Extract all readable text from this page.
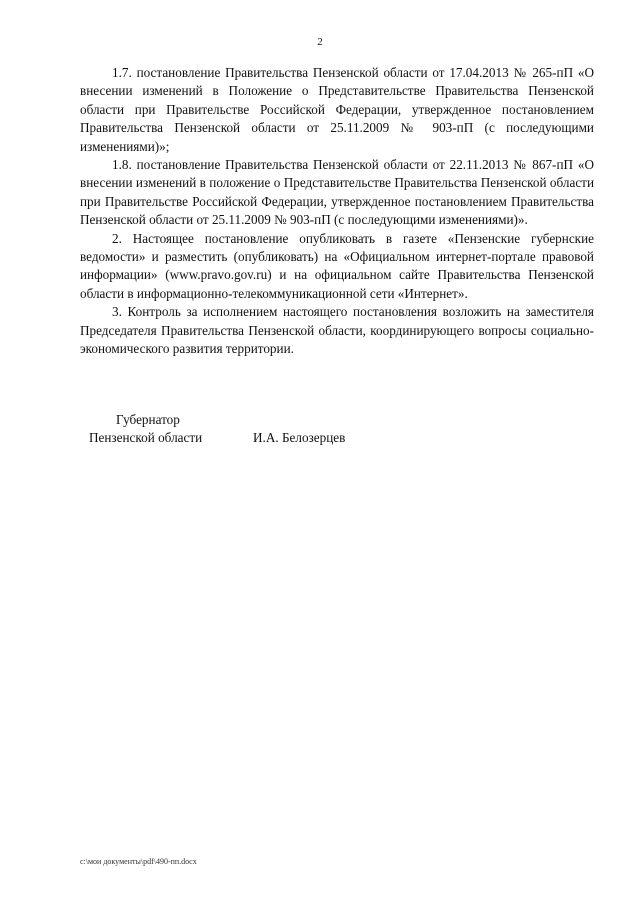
2

1.7. постановление Правительства Пензенской области от 17.04.2013 № 265-пП «О внесении изменений в Положение о Представительстве Правительства Пензенской области при Правительстве Российской Федерации, утвержденное постановлением Правительства Пензенской области от 25.11.2009 № 903-пП (с последующими изменениями)»;

1.8. постановление Правительства Пензенской области от 22.11.2013 № 867-пП «О внесении изменений в положение о Представительстве Правительства Пензенской области при Правительстве Российской Федерации, утвержденное постановлением Правительства Пензенской области от 25.11.2009 № 903-пП (с последующими изменениями)».

2. Настоящее постановление опубликовать в газете «Пензенские губернские ведомости» и разместить (опубликовать) на «Официальном интернет-портале правовой информации» (www.pravo.gov.ru) и на официальном сайте Правительства Пензенской области в информационно-телекоммуникационной сети «Интернет».

3. Контроль за исполнением настоящего постановления возложить на заместителя Председателя Правительства Пензенской области, координирующего вопросы социально-экономического развития территории.

Губернатор
Пензенской области	И.А. Белозерцев
c:\мои документы\pdf\490-пп.docx
